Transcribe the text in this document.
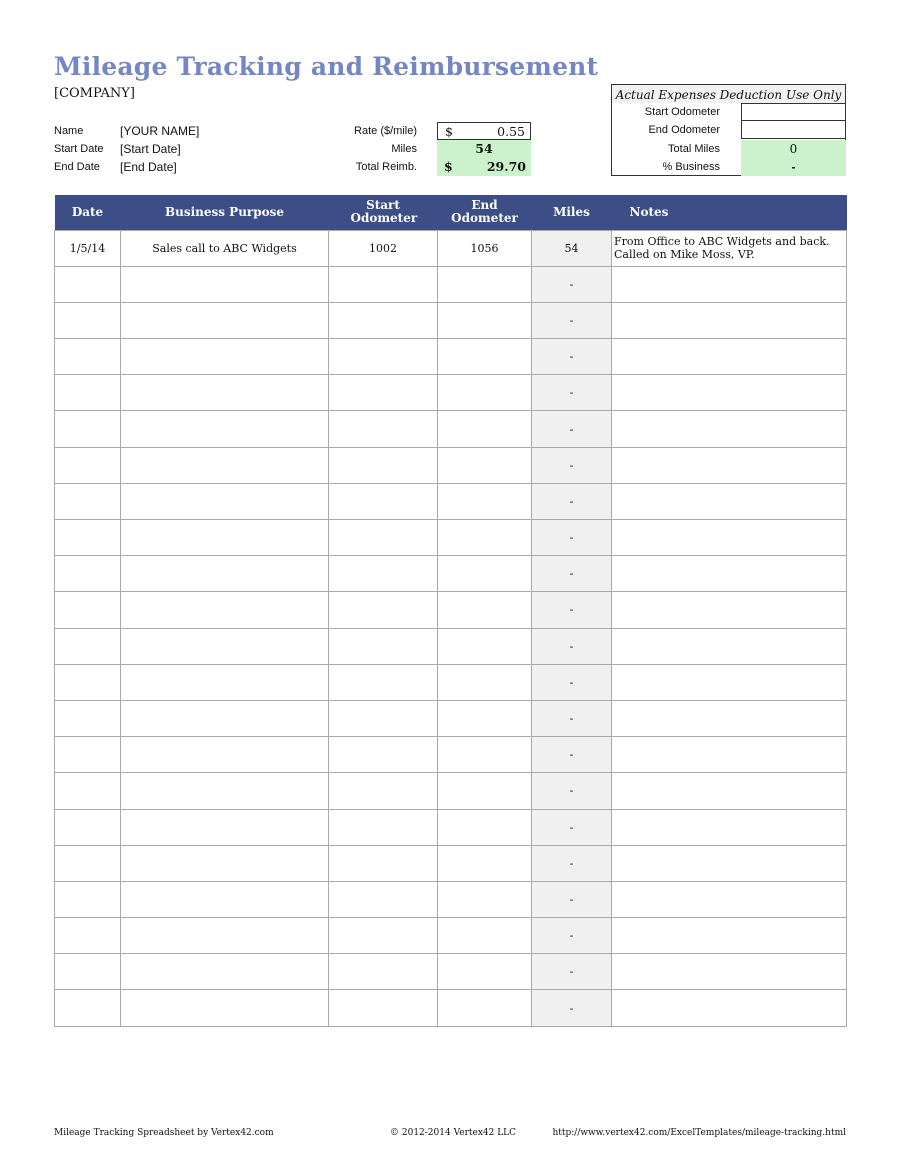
Mileage Tracking and Reimbursement
[COMPANY]
Name	[YOUR NAME]
Start Date [Start Date]
End Date [End Date]
Rate ($/mile) $	0.55
Miles	54
Total Reimb. $	29.70
Actual Expenses Deduction Use Only
Start Odometer
End Odometer
Total Miles	0
% Business	-
Date	Business Purpose	Start Odometer	End Odometer	Miles	Notes
1/5/14	Sales call to ABC Widgets	1002	1056	54	From Office to ABC Widgets and back. Called on Mike Moss, VP.
				-	
				-	
				-	
				-	
				-	
				-	
				-	
				-	
				-	
				-	
				-	
				-	
				-	
				-	
				-	
				-	
				-	
				-	
				-	
				-	
				-	
Mileage Tracking Spreadsheet by Vertex42.com	© 2012-2014 Vertex42 LLC	http://www.vertex42.com/ExcelTemplates/mileage-tracking.html
